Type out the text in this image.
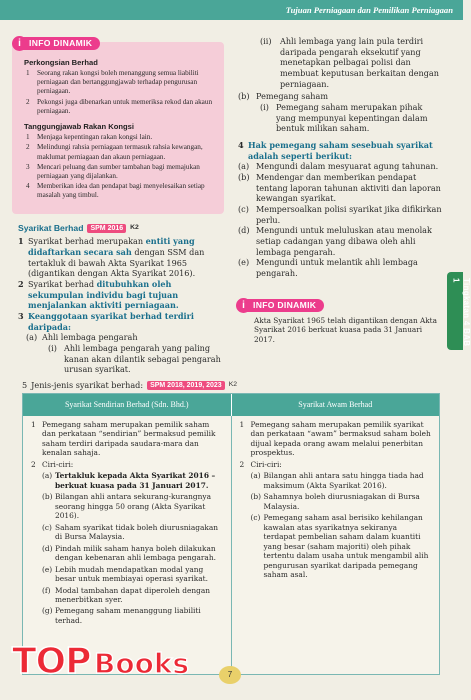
Tujuan Perniagaan dan Pemilikan Perniagaan
i INFO DINAMIK
Perkongsian Berhad
1	Seorang rakan kongsi boleh menanggung semua liabiliti perniagaan dan bertanggungjawab terhadap pengurusan perniagaan.
2	Pekongsi juga dibenarkan untuk memeriksa rekod dan akaun perniagaan.
Tanggungjawab Rakan Kongsi
1	Menjaga kepentingan rakan kongsi lain.
2	Melindungi rahsia perniagaan termasuk rahsia kewangan, maklumat perniagaan dan akaun perniagaan.
3	Mencari peluang dan sumber tambahan bagi memajukan perniagaan yang dijalankan.
4	Memberikan idea dan pendapat bagi menyelesaikan setiap masalah yang timbul.
Syarikat Berhad	SPM 2016	K2
1 Syarikat berhad merupakan entiti yang didaftarkan secara sah dengan SSM dan tertakluk di bawah Akta Syarikat 1965 (digantikan dengan Akta Syarikat 2016).
2 Syarikat berhad ditubuhkan oleh sekumpulan individu bagi tujuan menjalankan aktiviti perniagaan.
3 Keanggotaan syarikat berhad terdiri daripada:
(a) Ahli lembaga pengarah
(i) Ahli lembaga pengarah yang paling kanan akan dilantik sebagai pengarah urusan syarikat.
(ii)	Ahli lembaga yang lain pula terdiri daripada pengarah eksekutif yang menetapkan pelbagai polisi dan membuat keputusan berkaitan dengan perniagaan.
(b) Pemegang saham
(i) Pemegang saham merupakan pihak yang mempunyai kepentingan dalam bentuk milikan saham.
4 Hak pemegang saham sesebuah syarikat adalah seperti berikut:
(a) Mengundi dalam mesyuarat agung tahunan.
(b) Mendengar dan memberikan pendapat tentang laporan tahunan aktiviti dan laporan kewangan syarikat.
(c) Mempersoalkan polisi syarikat jika difikirkan perlu.
(d) Mengundi untuk meluluskan atau menolak setiap cadangan yang dibawa oleh ahli lembaga pengarah.
(e) Mengundi untuk melantik ahli lembaga pengarah.
i INFO DINAMIK
Akta Syarikat 1965 telah digantikan dengan Akta Syarikat 2016 berkuat kuasa pada 31 Januari 2017.	Tingkatan 4 BAB 1
5 Jenis-jenis syarikat berhad:	SPM 2018, 2019, 2023	K2
Syarikat Sendirian Berhad (Sdn. Bhd.)	Syarikat Awam Berhad
1 Pemegang saham merupakan pemilik saham dan perkataan “sendirian” bermaksud pemilik saham terdiri daripada saudara-mara dan kenalan sahaja.
2 Ciri-ciri:
(a) Tertakluk kepada Akta Syarikat 2016 – berkuat kuasa pada 31 Januari 2017.
(b) Bilangan ahli antara sekurang-kurangnya seorang hingga 50 orang (Akta Syarikat 2016).
(c) Saham syarikat tidak boleh diurusniagakan di Bursa Malaysia.
(d) Pindah milik saham hanya boleh dilakukan dengan kebenaran ahli lembaga pengarah.
(e) Lebih mudah mendapatkan modal yang besar untuk membiayai operasi syarikat.
(f) Modal tambahan dapat diperoleh dengan menerbitkan syer.
(g) Pemegang saham menanggung liabiliti terhad.
1 Pemegang saham merupakan pemilik syarikat dan perkataan “awam” bermaksud saham boleh dijual kepada orang awam melalui penerbitan prospektus.
2 Ciri-ciri:
(a) Bilangan ahli antara satu hingga tiada had maksimum (Akta Syarikat 2016).
(b) Sahamnya boleh diurusniagakan di Bursa Malaysia.
(c) Pemegang saham asal berisiko kehilangan kawalan atas syarikatnya sekiranya terdapat pembelian saham dalam kuantiti yang besar (saham majoriti) oleh pihak tertentu dalam usaha untuk mengambil alih pengurusan syarikat daripada pemegang saham asal.
TOP Books	7
